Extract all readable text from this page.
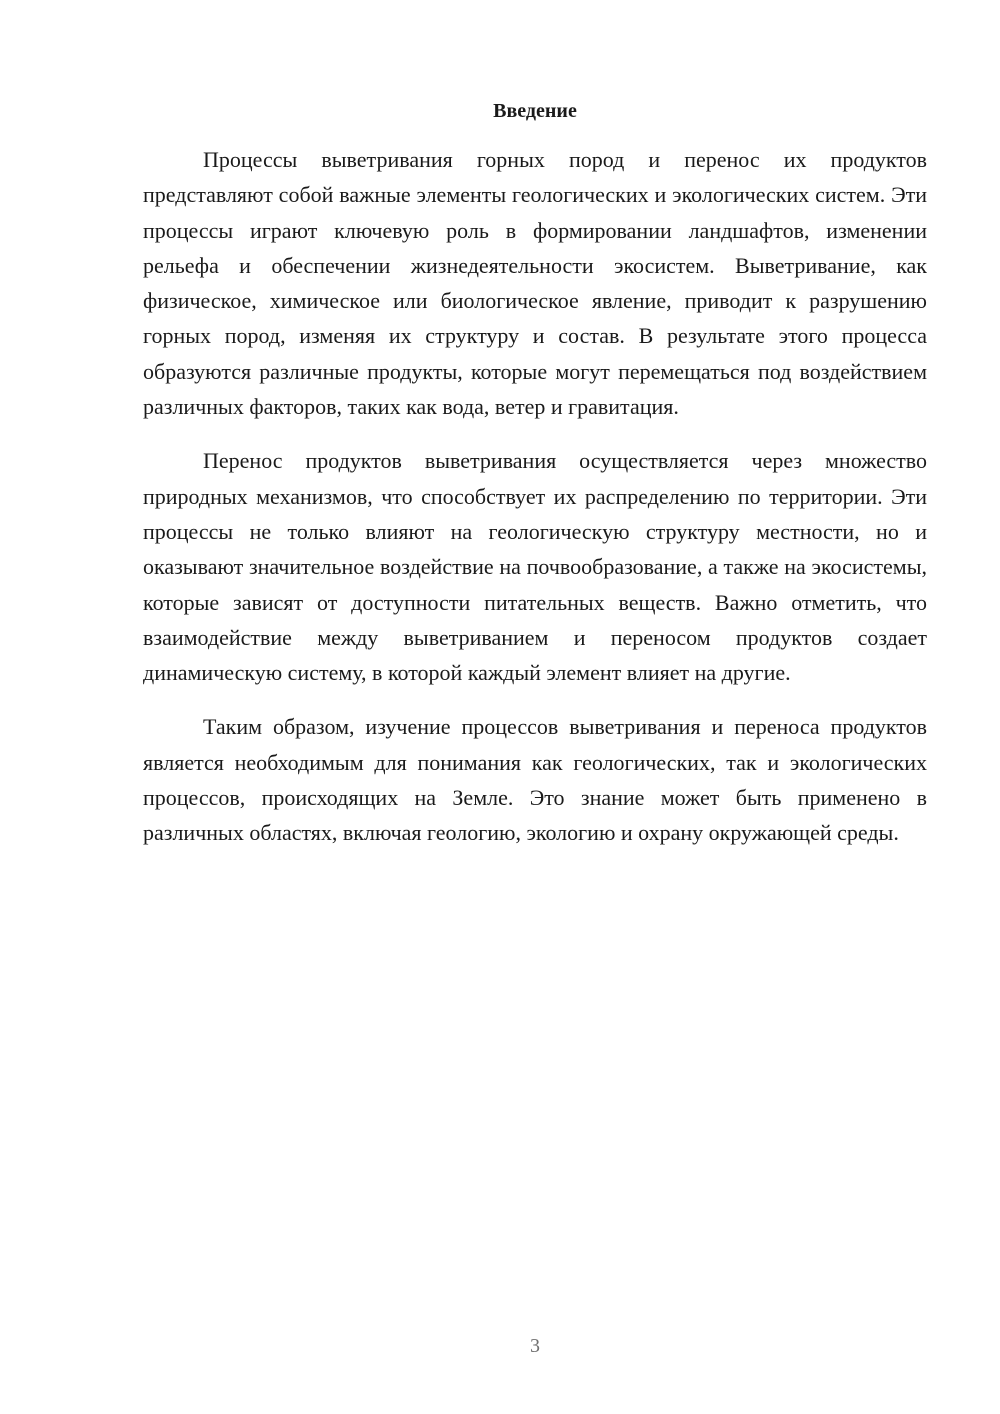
Введение

Процессы выветривания горных пород и перенос их продуктов представляют собой важные элементы геологических и экологических систем. Эти процессы играют ключевую роль в формировании ландшафтов, изменении рельефа и обеспечении жизнедеятельности экосистем. Выветривание, как физическое, химическое или биологическое явление, приводит к разрушению горных пород, изменяя их структуру и состав. В результате этого процесса образуются различные продукты, которые могут перемещаться под воздействием различных факторов, таких как вода, ветер и гравитация.

Перенос продуктов выветривания осуществляется через множество природных механизмов, что способствует их распределению по территории. Эти процессы не только влияют на геологическую структуру местности, но и оказывают значительное воздействие на почвообразование, а также на экосистемы, которые зависят от доступности питательных веществ. Важно отметить, что взаимодействие между выветриванием и переносом продуктов создает динамическую систему, в которой каждый элемент влияет на другие.

Таким образом, изучение процессов выветривания и переноса продуктов является необходимым для понимания как геологических, так и экологических процессов, происходящих на Земле. Это знание может быть применено в различных областях, включая геологию, экологию и охрану окружающей среды.

3
